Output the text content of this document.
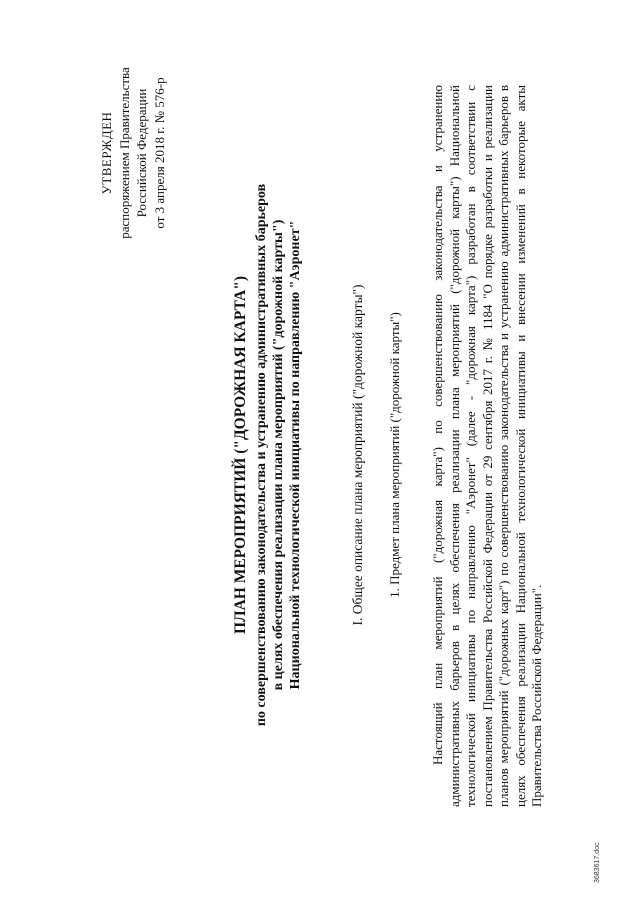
УТВЕРЖДЕН распоряжением Правительства Российской Федерации от 3 апреля 2018 г. № 576-р
ПЛАН МЕРОПРИЯТИЙ ("ДОРОЖНАЯ КАРТА") по совершенствованию законодательства и устранению административных барьеров в целях обеспечения реализации плана мероприятий ("дорожной карты") Национальной технологической инициативы по направлению "Аэронет"	I. Общее описание плана мероприятий ("дорожной карты") 1. Предмет плана мероприятий ("дорожной карты") Настоящий план мероприятий ("дорожная карта") по совершенствованию законодательства и устранению административных барьеров в целях обеспечения реализации плана мероприятий ("дорожной карты") Национальной технологической инициативы по направлению "Аэронет" (далее - "дорожная карта") разработан в соответствии с постановлением Правительства Российской Федерации от 29 сентября 2017 г. № 1184 "О порядке разработки и реализации планов мероприятий ("дорожных карт") по совершенствованию законодательства и устранению административных барьеров в целях обеспечения реализации Национальной технологической инициативы и внесении изменений в некоторые акты Правительства Российской Федерации".
3683617.doc
